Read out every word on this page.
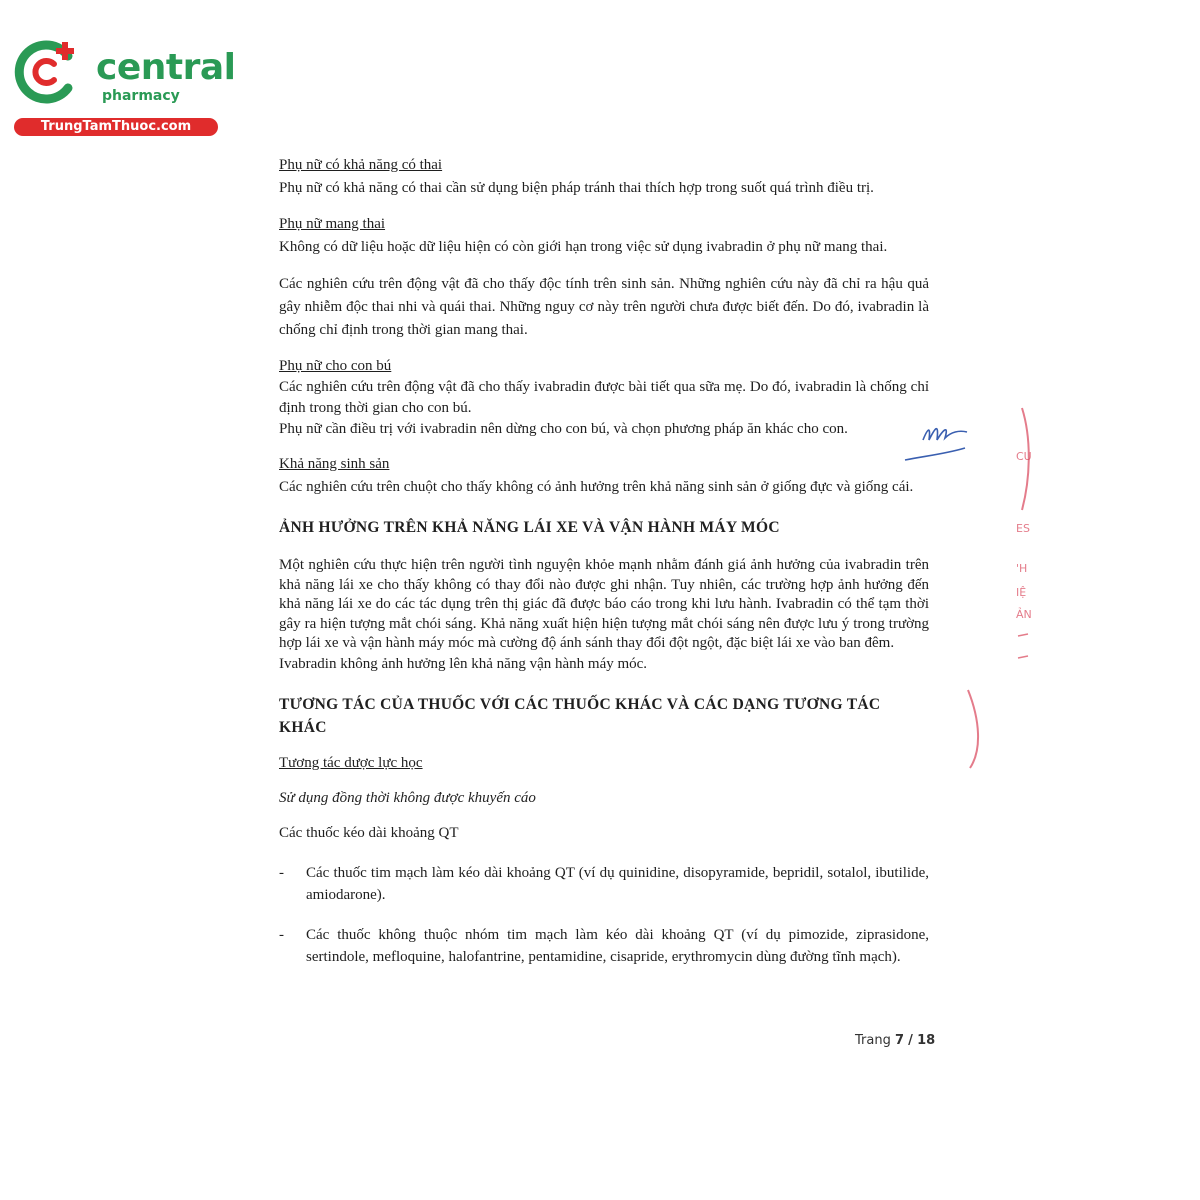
central
pharmacy
TrungTamThuoc.com

Phụ nữ có khả năng có thai

Phụ nữ có khả năng có thai cần sử dụng biện pháp tránh thai thích hợp trong suốt quá trình điều trị.

Phụ nữ mang thai

Không có dữ liệu hoặc dữ liệu hiện có còn giới hạn trong việc sử dụng ivabradin ở phụ nữ mang thai.

Các nghiên cứu trên động vật đã cho thấy độc tính trên sinh sản. Những nghiên cứu này đã chỉ ra hậu quả gây nhiễm độc thai nhi và quái thai. Những nguy cơ này trên người chưa được biết đến. Do đó, ivabradin là chống chỉ định trong thời gian mang thai.

Phụ nữ cho con bú

Các nghiên cứu trên động vật đã cho thấy ivabradin được bài tiết qua sữa mẹ. Do đó, ivabradin là chống chỉ định trong thời gian cho con bú.

Phụ nữ cần điều trị với ivabradin nên dừng cho con bú, và chọn phương pháp ăn khác cho con.

Khả năng sinh sản

Các nghiên cứu trên chuột cho thấy không có ảnh hưởng trên khả năng sinh sản ở giống đực và giống cái.

ẢNH HƯỞNG TRÊN KHẢ NĂNG LÁI XE VÀ VẬN HÀNH MÁY MÓC

Một nghiên cứu thực hiện trên người tình nguyện khỏe mạnh nhằm đánh giá ảnh hưởng của ivabradin trên khả năng lái xe cho thấy không có thay đổi nào được ghi nhận. Tuy nhiên, các trường hợp ảnh hưởng đến khả năng lái xe do các tác dụng trên thị giác đã được báo cáo trong khi lưu hành. Ivabradin có thể tạm thời gây ra hiện tượng mắt chói sáng. Khả năng xuất hiện hiện tượng mắt chói sáng nên được lưu ý trong trường hợp lái xe và vận hành máy móc mà cường độ ánh sánh thay đổi đột ngột, đặc biệt lái xe vào ban đêm.

Ivabradin không ảnh hưởng lên khả năng vận hành máy móc.

TƯƠNG TÁC CỦA THUỐC VỚI CÁC THUỐC KHÁC VÀ CÁC DẠNG TƯƠNG TÁC KHÁC

Tương tác dược lực học

Sử dụng đồng thời không được khuyến cáo

Các thuốc kéo dài khoảng QT

- Các thuốc tim mạch làm kéo dài khoảng QT (ví dụ quinidine, disopyramide, bepridil, sotalol, ibutilide, amiodarone).
- Các thuốc không thuộc nhóm tim mạch làm kéo dài khoảng QT (ví dụ pimozide, ziprasidone, sertindole, mefloquine, halofantrine, pentamidine, cisapride, erythromycin dùng đường tĩnh mạch).
Trang 7 / 18
CU
ES
'H
IỆ
ẢN
